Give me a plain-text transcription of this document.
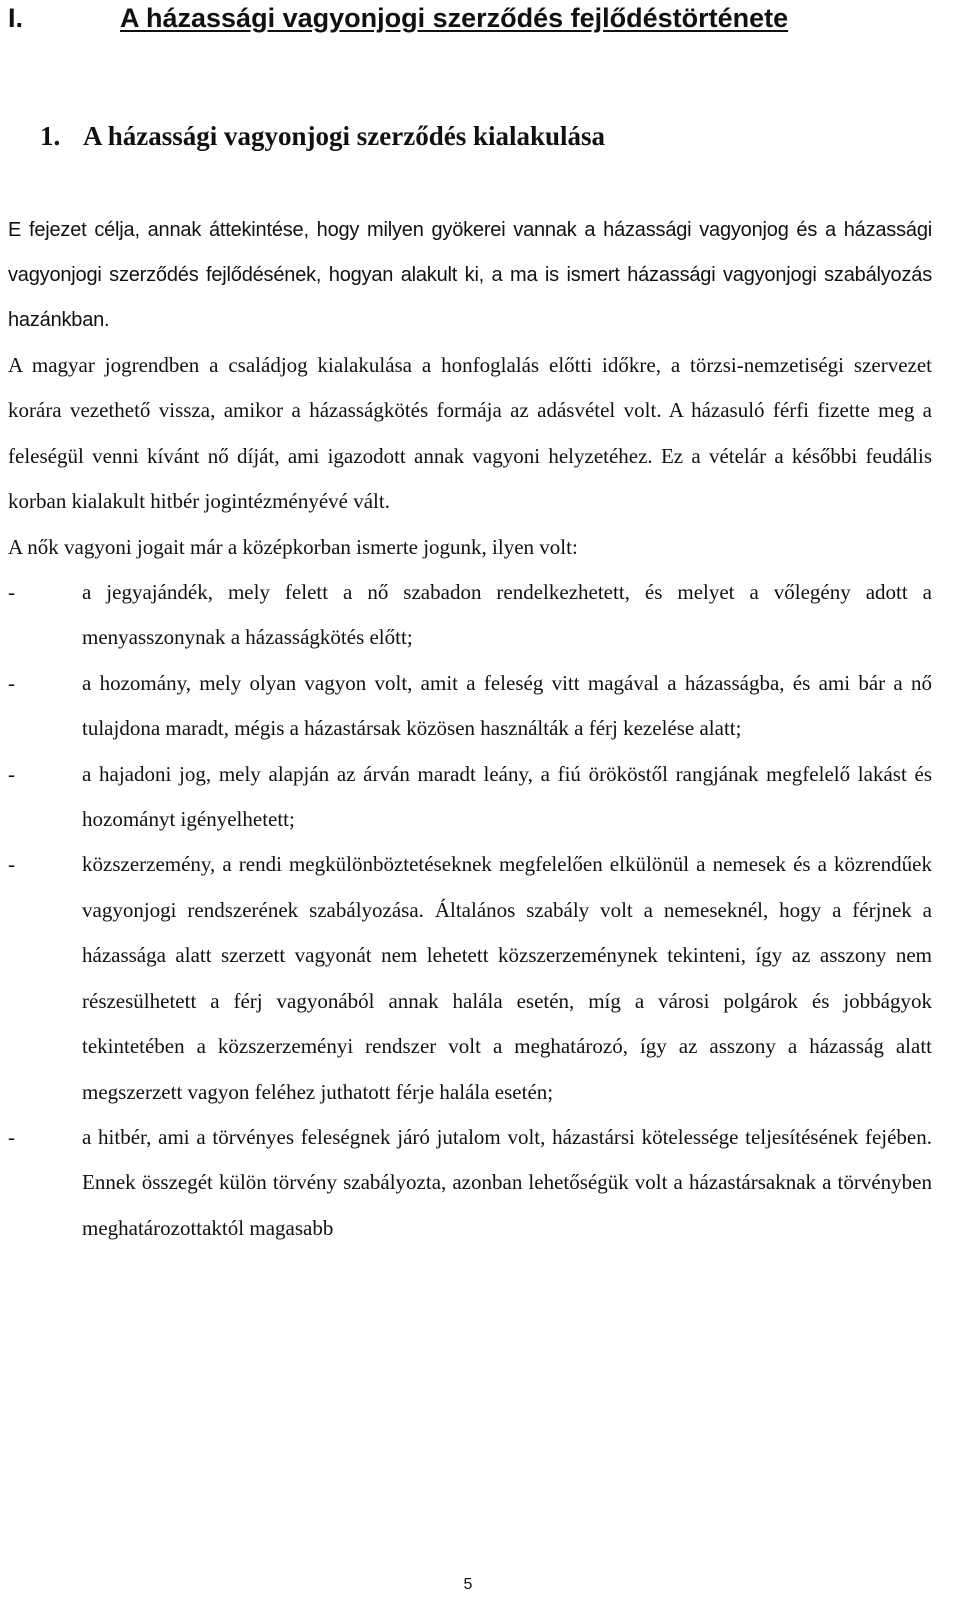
I.	A házassági vagyonjogi szerződés fejlődéstörténete
1. A házassági vagyonjogi szerződés kialakulása

E fejezet célja, annak áttekintése, hogy milyen gyökerei vannak a házassági vagyonjog és a házassági vagyonjogi szerződés fejlődésének, hogyan alakult ki, a ma is ismert házassági vagyonjogi szabályozás hazánkban.

A magyar jogrendben a családjog kialakulása a honfoglalás előtti időkre, a törzsi-nemzetiségi szervezet korára vezethető vissza, amikor a házasságkötés formája az adásvétel volt. A házasuló férfi fizette meg a feleségül venni kívánt nő díját, ami igazodott annak vagyoni helyzetéhez. Ez a vételár a későbbi feudális korban kialakult hitbér jogintézményévé vált.

A nők vagyoni jogait már a középkorban ismerte jogunk, ilyen volt:

-	a jegyajándék, mely felett a nő szabadon rendelkezhetett, és melyet a vőlegény adott a menyasszonynak a házasságkötés előtt;
-	a hozomány, mely olyan vagyon volt, amit a feleség vitt magával a házasságba, és ami bár a nő tulajdona maradt, mégis a házastársak közösen használták a férj kezelése alatt;
-	a hajadoni jog, mely alapján az árván maradt leány, a fiú örököstől rangjának megfelelő lakást és hozományt igényelhetett;
-	közszerzemény, a rendi megkülönböztetéseknek megfelelően elkülönül a nemesek és a közrendűek vagyonjogi rendszerének szabályozása. Általános szabály volt a nemeseknél, hogy a férjnek a házassága alatt szerzett vagyonát nem lehetett közszerzeménynek tekinteni, így az asszony nem részesülhetett a férj vagyonából annak halála esetén, míg a városi polgárok és jobbágyok tekintetében a közszerzeményi rendszer volt a meghatározó, így az asszony a házasság alatt megszerzett vagyon feléhez juthatott férje halála esetén;
-	a hitbér, ami a törvényes feleségnek járó jutalom volt, házastársi kötelessége teljesítésének fejében. Ennek összegét külön törvény szabályozta, azonban lehetőségük volt a házastársaknak a törvényben meghatározottaktól magasabb
5
